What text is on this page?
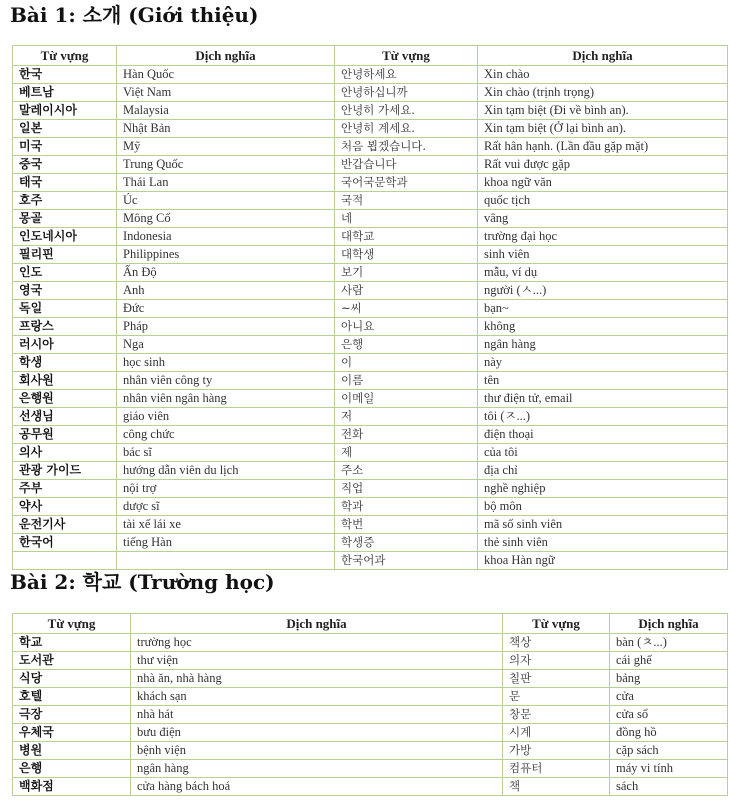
Bài 1: 소개 (Giới thiệu)
Từ vựng	Dịch nghĩa	Từ vựng	Dịch nghĩa
한국	Hàn Quốc	안녕하세요	Xin chào
베트남	Việt Nam	안녕하십니까	Xin chào (trịnh trọng)
말레이시아	Malaysia	안녕히 가세요.	Xin tạm biệt (Đi về bình an).
일본	Nhật Bản	안녕히 계세요.	Xin tạm biệt (Ở lại bình an).
미국	Mỹ	처음 뵙겠습니다.	Rất hân hạnh. (Lần đầu gặp mặt)
중국	Trung Quốc	반갑습니다	Rất vui được gặp
태국	Thái Lan	국어국문학과	khoa ngữ văn
호주	Úc	국적	quốc tịch
몽골	Mông Cổ	네	vâng
인도네시아	Indonesia	대학교	trường đại học
필리핀	Philippines	대학생	sinh viên
인도	Ấn Độ	보기	mẫu, ví dụ
영국	Anh	사람	người (ㅅ...)
독일	Đức	~씨	bạn~
프랑스	Pháp	아니요	không
러시아	Nga	은행	ngân hàng
학생	học sinh	이	này
회사원	nhân viên công ty	이름	tên
은행원	nhân viên ngân hàng	이메일	thư điện tử, email
선생님	giáo viên	저	tôi (ㅈ...)
공무원	công chức	전화	điện thoại
의사	bác sĩ	제	của tôi
관광 가이드	hướng dẫn viên du lịch	주소	địa chỉ
주부	nội trợ	직업	nghề nghiệp
약사	dược sĩ	학과	bộ môn
운전기사	tài xế lái xe	학번	mã số sinh viên
한국어	tiếng Hàn	학생증	thẻ sinh viên
		한국어과	khoa Hàn ngữ
Bài 2: 학교 (Trường học)
Từ vựng	Dịch nghĩa	Từ vựng	Dịch nghĩa
학교	trường học	책상	bàn (ㅊ...)
도서관	thư viện	의자	cái ghế
식당	nhà ăn, nhà hàng	칠판	bảng
호텔	khách sạn	문	cửa
극장	nhà hát	창문	cửa sổ
우체국	bưu điện	시계	đồng hồ
병원	bệnh viện	가방	cặp sách
은행	ngân hàng	컴퓨터	máy vi tính
백화점	cửa hàng bách hoá	책	sách
